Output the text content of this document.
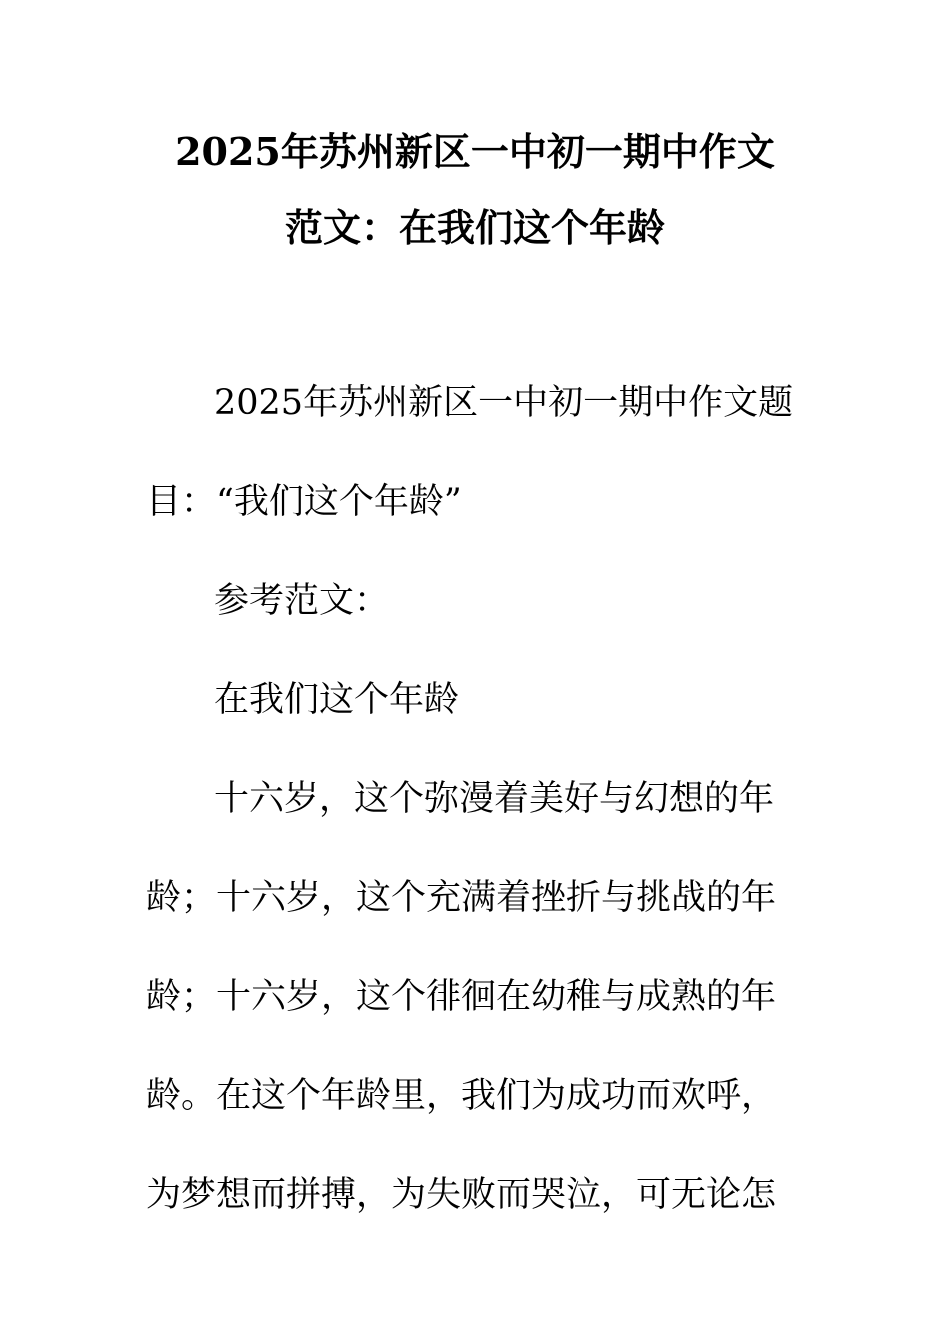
2025年苏州新区一中初一期中作文
范文：在我们这个年龄
2025年苏州新区一中初一期中作文题
目：“我们这个年龄”
参考范文：
在我们这个年龄
十六岁，这个弥漫着美好与幻想的年
龄；十六岁，这个充满着挫折与挑战的年
龄；十六岁，这个徘徊在幼稚与成熟的年
龄。在这个年龄里，我们为成功而欢呼，
为梦想而拼搏，为失败而哭泣，可无论怎
